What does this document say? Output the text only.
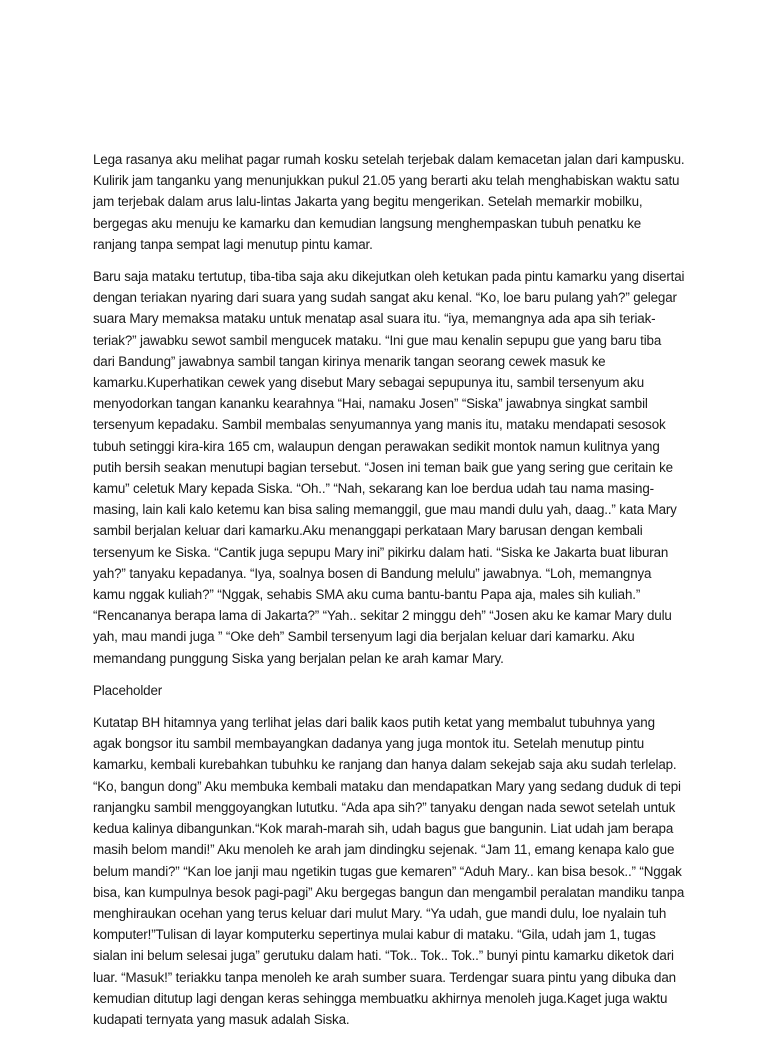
Lega rasanya aku melihat pagar rumah kosku setelah terjebak dalam kemacetan jalan dari kampusku. Kulirik jam tanganku yang menunjukkan pukul 21.05 yang berarti aku telah menghabiskan waktu satu jam terjebak dalam arus lalu-lintas Jakarta yang begitu mengerikan. Setelah memarkir mobilku, bergegas aku menuju ke kamarku dan kemudian langsung menghempaskan tubuh penatku ke ranjang tanpa sempat lagi menutup pintu kamar.

Baru saja mataku tertutup, tiba-tiba saja aku dikejutkan oleh ketukan pada pintu kamarku yang disertai dengan teriakan nyaring dari suara yang sudah sangat aku kenal. “Ko, loe baru pulang yah?” gelegar suara Mary memaksa mataku untuk menatap asal suara itu. “iya, memangnya ada apa sih teriak-teriak?” jawabku sewot sambil mengucek mataku. “Ini gue mau kenalin sepupu gue yang baru tiba dari Bandung” jawabnya sambil tangan kirinya menarik tangan seorang cewek masuk ke kamarku.Kuperhatikan cewek yang disebut Mary sebagai sepupunya itu, sambil tersenyum aku menyodorkan tangan kananku kearahnya “Hai, namaku Josen” “Siska” jawabnya singkat sambil tersenyum kepadaku. Sambil membalas senyumannya yang manis itu, mataku mendapati sesosok tubuh setinggi kira-kira 165 cm, walaupun dengan perawakan sedikit montok namun kulitnya yang putih bersih seakan menutupi bagian tersebut. “Josen ini teman baik gue yang sering gue ceritain ke kamu” celetuk Mary kepada Siska. “Oh..” “Nah, sekarang kan loe berdua udah tau nama masing-masing, lain kali kalo ketemu kan bisa saling memanggil, gue mau mandi dulu yah, daag..” kata Mary sambil berjalan keluar dari kamarku.Aku menanggapi perkataan Mary barusan dengan kembali tersenyum ke Siska. “Cantik juga sepupu Mary ini” pikirku dalam hati. “Siska ke Jakarta buat liburan yah?” tanyaku kepadanya. “Iya, soalnya bosen di Bandung melulu” jawabnya. “Loh, memangnya kamu nggak kuliah?” “Nggak, sehabis SMA aku cuma bantu-bantu Papa aja, males sih kuliah.” “Rencananya berapa lama di Jakarta?” “Yah.. sekitar 2 minggu deh” “Josen aku ke kamar Mary dulu yah, mau mandi juga ” “Oke deh” Sambil tersenyum lagi dia berjalan keluar dari kamarku. Aku memandang punggung Siska yang berjalan pelan ke arah kamar Mary.

Placeholder

Kutatap BH hitamnya yang terlihat jelas dari balik kaos putih ketat yang membalut tubuhnya yang agak bongsor itu sambil membayangkan dadanya yang juga montok itu. Setelah menutup pintu kamarku, kembali kurebahkan tubuhku ke ranjang dan hanya dalam sekejab saja aku sudah terlelap. “Ko, bangun dong” Aku membuka kembali mataku dan mendapatkan Mary yang sedang duduk di tepi ranjangku sambil menggoyangkan lututku. “Ada apa sih?” tanyaku dengan nada sewot setelah untuk kedua kalinya dibangunkan.“Kok marah-marah sih, udah bagus gue bangunin. Liat udah jam berapa masih belom mandi!” Aku menoleh ke arah jam dindingku sejenak. “Jam 11, emang kenapa kalo gue belum mandi?” “Kan loe janji mau ngetikin tugas gue kemaren” “Aduh Mary.. kan bisa besok..” “Nggak bisa, kan kumpulnya besok pagi-pagi” Aku bergegas bangun dan mengambil peralatan mandiku tanpa menghiraukan ocehan yang terus keluar dari mulut Mary. “Ya udah, gue mandi dulu, loe nyalain tuh komputer!”Tulisan di layar komputerku sepertinya mulai kabur di mataku. “Gila, udah jam 1, tugas sialan ini belum selesai juga” gerutuku dalam hati. “Tok.. Tok.. Tok..” bunyi pintu kamarku diketok dari luar. “Masuk!” teriakku tanpa menoleh ke arah sumber suara. Terdengar suara pintu yang dibuka dan kemudian ditutup lagi dengan keras sehingga membuatku akhirnya menoleh juga.Kaget juga waktu kudapati ternyata yang masuk adalah Siska.
